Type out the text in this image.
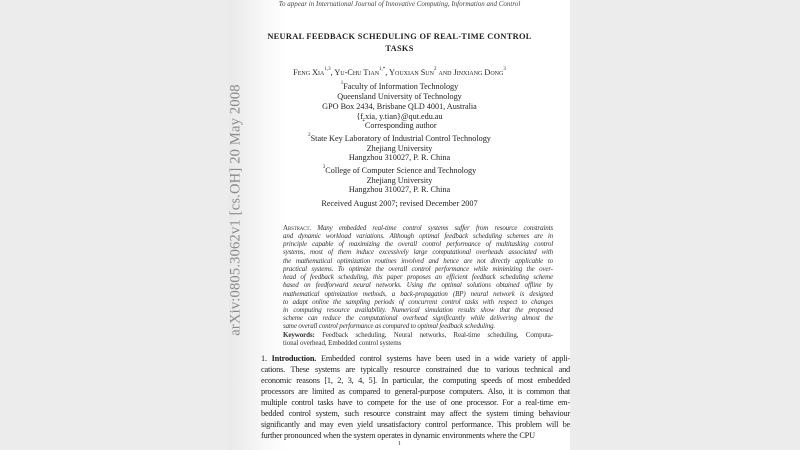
To appear in International Journal of Innovative Computing, Information and Control
NEURAL FEEDBACK SCHEDULING OF REAL-TIME CONTROL
TASKS
Feng Xia$^{1,3}$, Yu-Chu Tian$^{1,*}$, Youxian Sun$^2$ and Jinxiang Dong$^3$
$^1$Faculty of Information Technology
Queensland University of Technology
GPO Box 2434, Brisbane QLD 4001, Australia
{f.xia, y.tian}@qut.edu.au
*Corresponding author
$^2$State Key Laboratory of Industrial Control Technology
Zhejiang University
Hangzhou 310027, P. R. China
$^3$College of Computer Science and Technology
Zhejiang University
Hangzhou 310027, P. R. China
Received August 2007; revised December 2007
Abstract. Many embedded real-time control systems suffer from resource constraints
and dynamic workload variations. Although optimal feedback scheduling schemes are in
principle capable of maximizing the overall control performance of multitasking control
systems, most of them induce excessively large computational overheads associated with
the mathematical optimization routines involved and hence are not directly applicable to
practical systems. To optimize the overall control performance while minimizing the over-
head of feedback scheduling, this paper proposes an efficient feedback scheduling scheme
based on feedforward neural networks. Using the optimal solutions obtained offline by
mathematical optimization methods, a back-propagation (BP) neural network is designed
to adapt online the sampling periods of concurrent control tasks with respect to changes
in computing resource availability. Numerical simulation results show that the proposed
scheme can reduce the computational overhead significantly while delivering almost the
same overall control performance as compared to optimal feedback scheduling.
Keywords: Feedback scheduling, Neural networks, Real-time scheduling, Computa-
tional overhead, Embedded control systems
1. Introduction. Embedded control systems have been used in a wide variety of appli-
cations. These systems are typically resource constrained due to various technical and
economic reasons [1, 2, 3, 4, 5]. In particular, the computing speeds of most embedded
processors are limited as compared to general-purpose computers. Also, it is common that
multiple control tasks have to compete for the use of one processor. For a real-time em-
bedded control system, such resource constraint may affect the system timing behaviour
significantly and may even yield unsatisfactory control performance. This problem will be
further pronounced when the system operates in dynamic environments where the CPU
1
arXiv:0805.3062v1 [cs.OH] 20 May 2008
